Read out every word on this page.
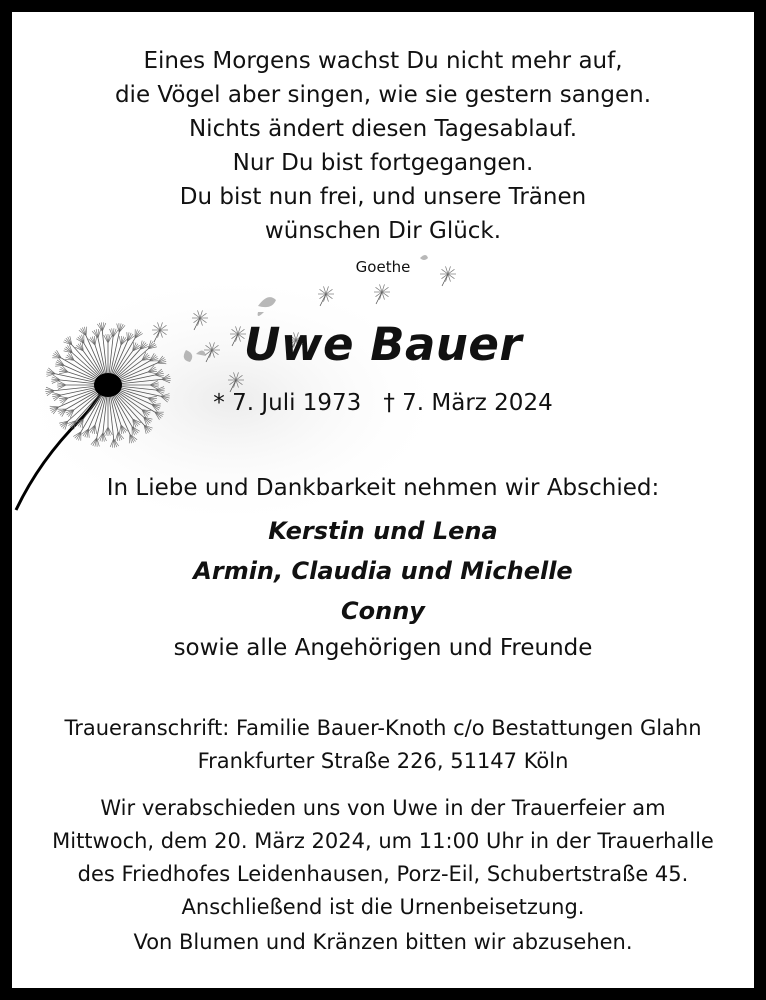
Eines Morgens wachst Du nicht mehr auf,
die Vögel aber singen, wie sie gestern sangen.
Nichts ändert diesen Tagesablauf.
Nur Du bist fortgegangen.
Du bist nun frei, und unsere Tränen
wünschen Dir Glück.
Goethe
Uwe Bauer
* 7. Juli 1973 † 7. März 2024
In Liebe und Dankbarkeit nehmen wir Abschied:
Kerstin und Lena
Armin, Claudia und Michelle
Conny
sowie alle Angehörigen und Freunde
Traueranschrift: Familie Bauer-Knoth c/o Bestattungen Glahn
Frankfurter Straße 226, 51147 Köln
Wir verabschieden uns von Uwe in der Trauerfeier am
Mittwoch, dem 20. März 2024, um 11:00 Uhr in der Trauerhalle
des Friedhofes Leidenhausen, Porz-Eil, Schubertstraße 45.
Anschließend ist die Urnenbeisetzung.
Von Blumen und Kränzen bitten wir abzusehen.
